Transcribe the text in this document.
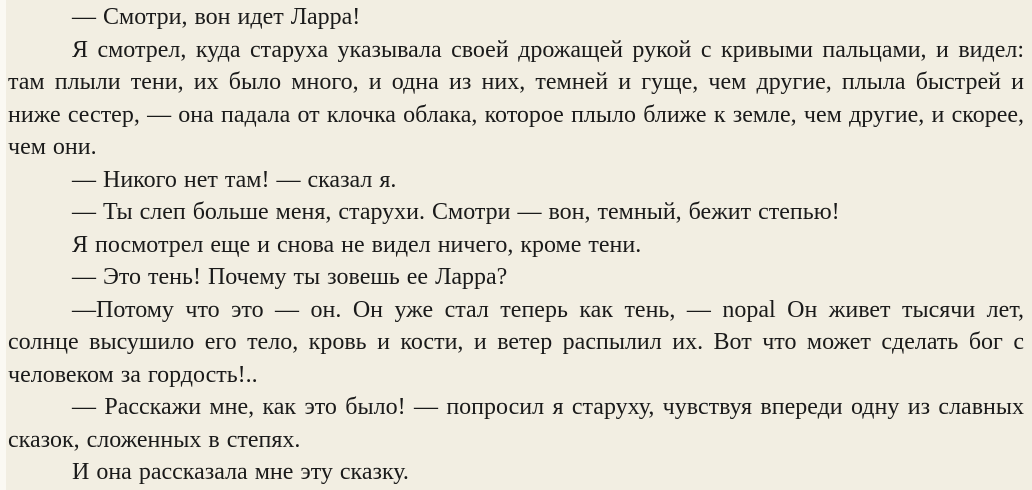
— Смотри, вон идет Ларра!

Я смотрел, куда старуха указывала своей дрожащей рукой с кривыми пальцами, и видел: там плыли тени, их было много, и одна из них, темней и гуще, чем другие, плыла быстрей и ниже сестер, — она падала от клочка облака, которое плыло ближе к земле, чем другие, и скорее, чем они.

— Никого нет там! — сказал я.

— Ты слеп больше меня, старухи. Смотри — вон, темный, бежит степью!

Я посмотрел еще и снова не видел ничего, кроме тени.

— Это тень! Почему ты зовешь ее Ларра?

—Потому что это — он. Он уже стал теперь как тень, — nopal Он живет тысячи лет, солнце высушило его тело, кровь и кости, и ветер распылил их. Вот что может сделать бог с человеком за гордость!..

— Расскажи мне, как это было! — попросил я старуху, чувствуя впереди одну из славных сказок, сложенных в степях.

И она рассказала мне эту сказку.
